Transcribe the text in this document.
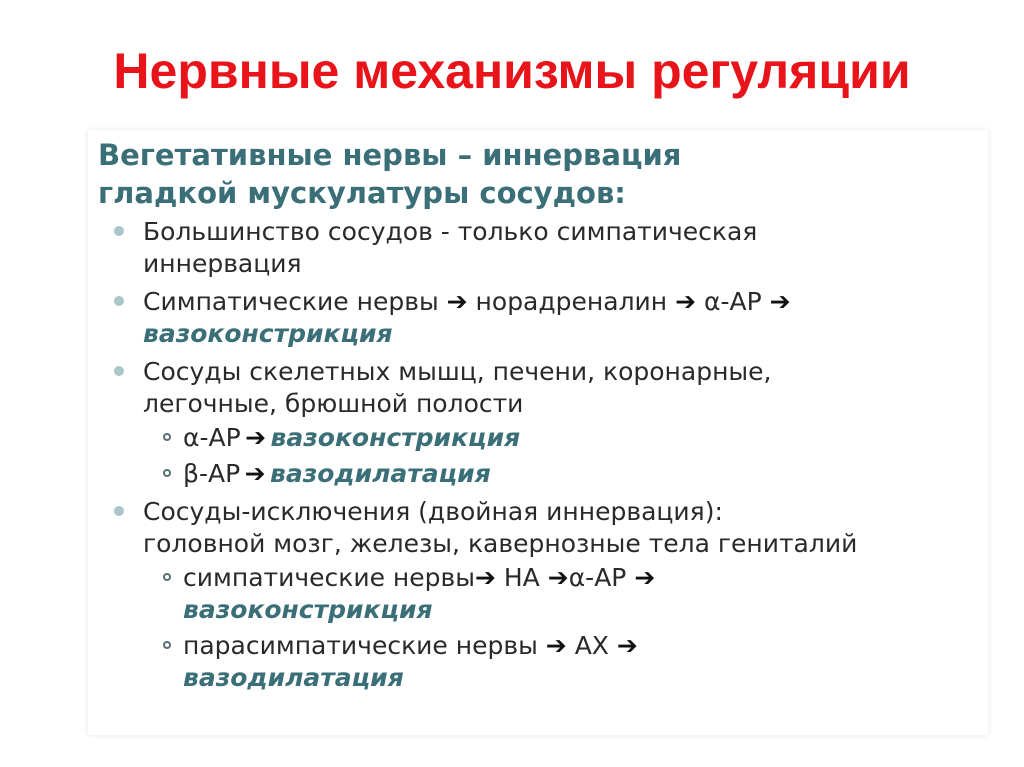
Нервные механизмы регуляции
Вегетативные нервы – иннервация
гладкой мускулатуры сосудов:
Большинство сосудов - только симпатическая
иннервация
Симпатические нервы ➔ норадреналин ➔ α-АР ➔
вазоконстрикция
Сосуды скелетных мышц, печени, коронарные,
легочные, брюшной полости
α-АР ➔ вазоконстрикция
β-АР ➔ вазодилатация
Сосуды-исключения (двойная иннервация):
головной мозг, железы, кавернозные тела гениталий
симпатические нервы➔ НА ➔α-АР ➔
вазоконстрикция
парасимпатические нервы ➔ АХ ➔
вазодилатация
